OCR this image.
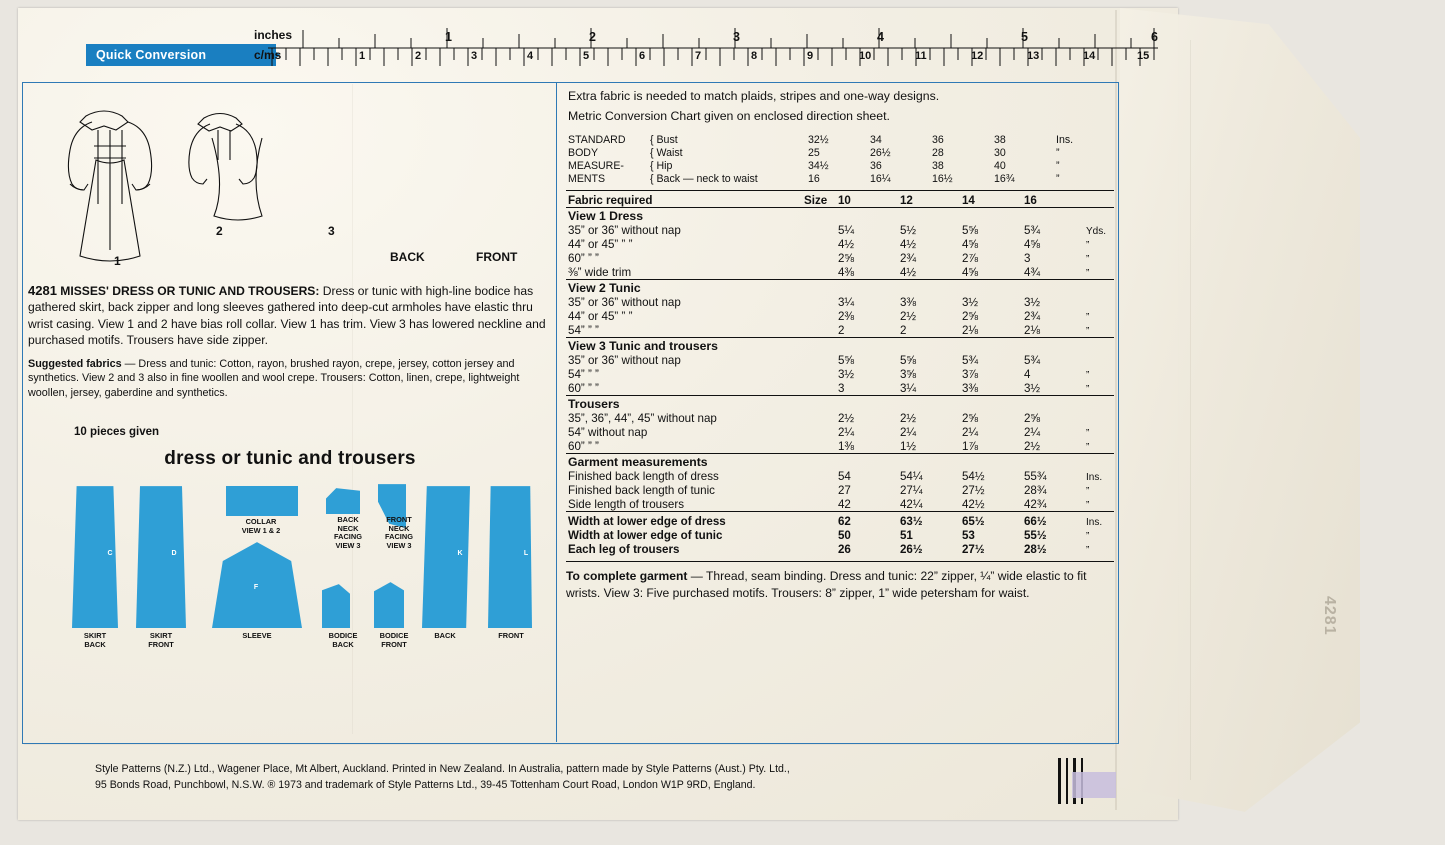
Quick Conversion
inches
c/ms
1	2	3	4	5	6
1	2	3	4	5	6	7	8	9	10	11	12	13	14	15
1
2	3
BACK	FRONT
4281 MISSES' DRESS OR TUNIC AND TROUSERS: Dress or tunic with high-line bodice has gathered skirt, back zipper and long sleeves gathered into deep-cut armholes have elastic thru wrist casing. View 1 and 2 have bias roll collar. View 1 has trim. View 3 has lowered neckline and purchased motifs. Trousers have side zipper.
Suggested fabrics — Dress and tunic: Cotton, rayon, brushed rayon, crepe, jersey, cotton jersey and synthetics. View 2 and 3 also in fine woollen and wool crepe. Trousers: Cotton, linen, crepe, lightweight woollen, jersey, gaberdine and synthetics.
10 pieces given
dress or tunic and trousers
C
SKIRT
BACK
D
SKIRT
FRONT
COLLAR
VIEW 1 & 2
BACK
NECK
FACING
VIEW 3
FRONT
NECK
FACING
VIEW 3
F
SLEEVE	BODICE
BACK
BODICE
FRONT
K
BACK
L
FRONT
Extra fabric is needed to match plaids, stripes and one-way designs.
Metric Conversion Chart given on enclosed direction sheet.
STANDARD	{ Bust	32½	34	36	38	Ins.
BODY	{ Waist	25	26½	28	30	”
MEASURE-	{ Hip	34½	36	38	40	”
MENTS	{ Back — neck to waist	16	16¼	16½	16¾	”
Fabric required	Size	10	12	14	16	
View 1 Dress						
35” or 36” without nap		5¼	5½	5⅝	5¾	Yds.
44” or 45” ” ”		4½	4½	4⅝	4⅝	”
60” ” ”		2⅝	2¾	2⅞	3	”
⅜” wide trim		4⅜	4½	4⅝	4¾	”
View 2 Tunic						
35” or 36” without nap		3¼	3⅜	3½	3½	
44” or 45” ” ”		2⅜	2½	2⅝	2¾	”
54” ” ”		2	2	2⅛	2⅛	”
View 3 Tunic and trousers						
35” or 36” without nap		5⅝	5⅝	5¾	5¾	
54” ” ”		3½	3⅝	3⅞	4	”
60” ” ”		3	3¼	3⅜	3½	”
Trousers						
35”, 36”, 44”, 45” without nap		2½	2½	2⅝	2⅝	
54” without nap		2¼	2¼	2¼	2¼	”
60” ” ”		1⅜	1½	1⅞	2½	”
Garment measurements						
Finished back length of dress		54	54¼	54½	55¾	Ins.
Finished back length of tunic		27	27¼	27½	28¾	”
Side length of trousers		42	42¼	42½	42¾	”
Width at lower edge of dress		62	63½	65½	66½	Ins.
Width at lower edge of tunic		50	51	53	55½	”
Each leg of trousers		26	26½	27½	28½	”
To complete garment — Thread, seam binding. Dress and tunic: 22” zipper, ¼” wide elastic to fit wrists. View 3: Five purchased motifs. Trousers: 8” zipper, 1” wide petersham for waist.
Style Patterns (N.Z.) Ltd., Wagener Place, Mt Albert, Auckland. Printed in New Zealand. In Australia, pattern made by Style Patterns (Aust.) Pty. Ltd.,
95 Bonds Road, Punchbowl, N.S.W. ® 1973 and trademark of Style Patterns Ltd., 39-45 Tottenham Court Road, London W1P 9RD, England.
4281
